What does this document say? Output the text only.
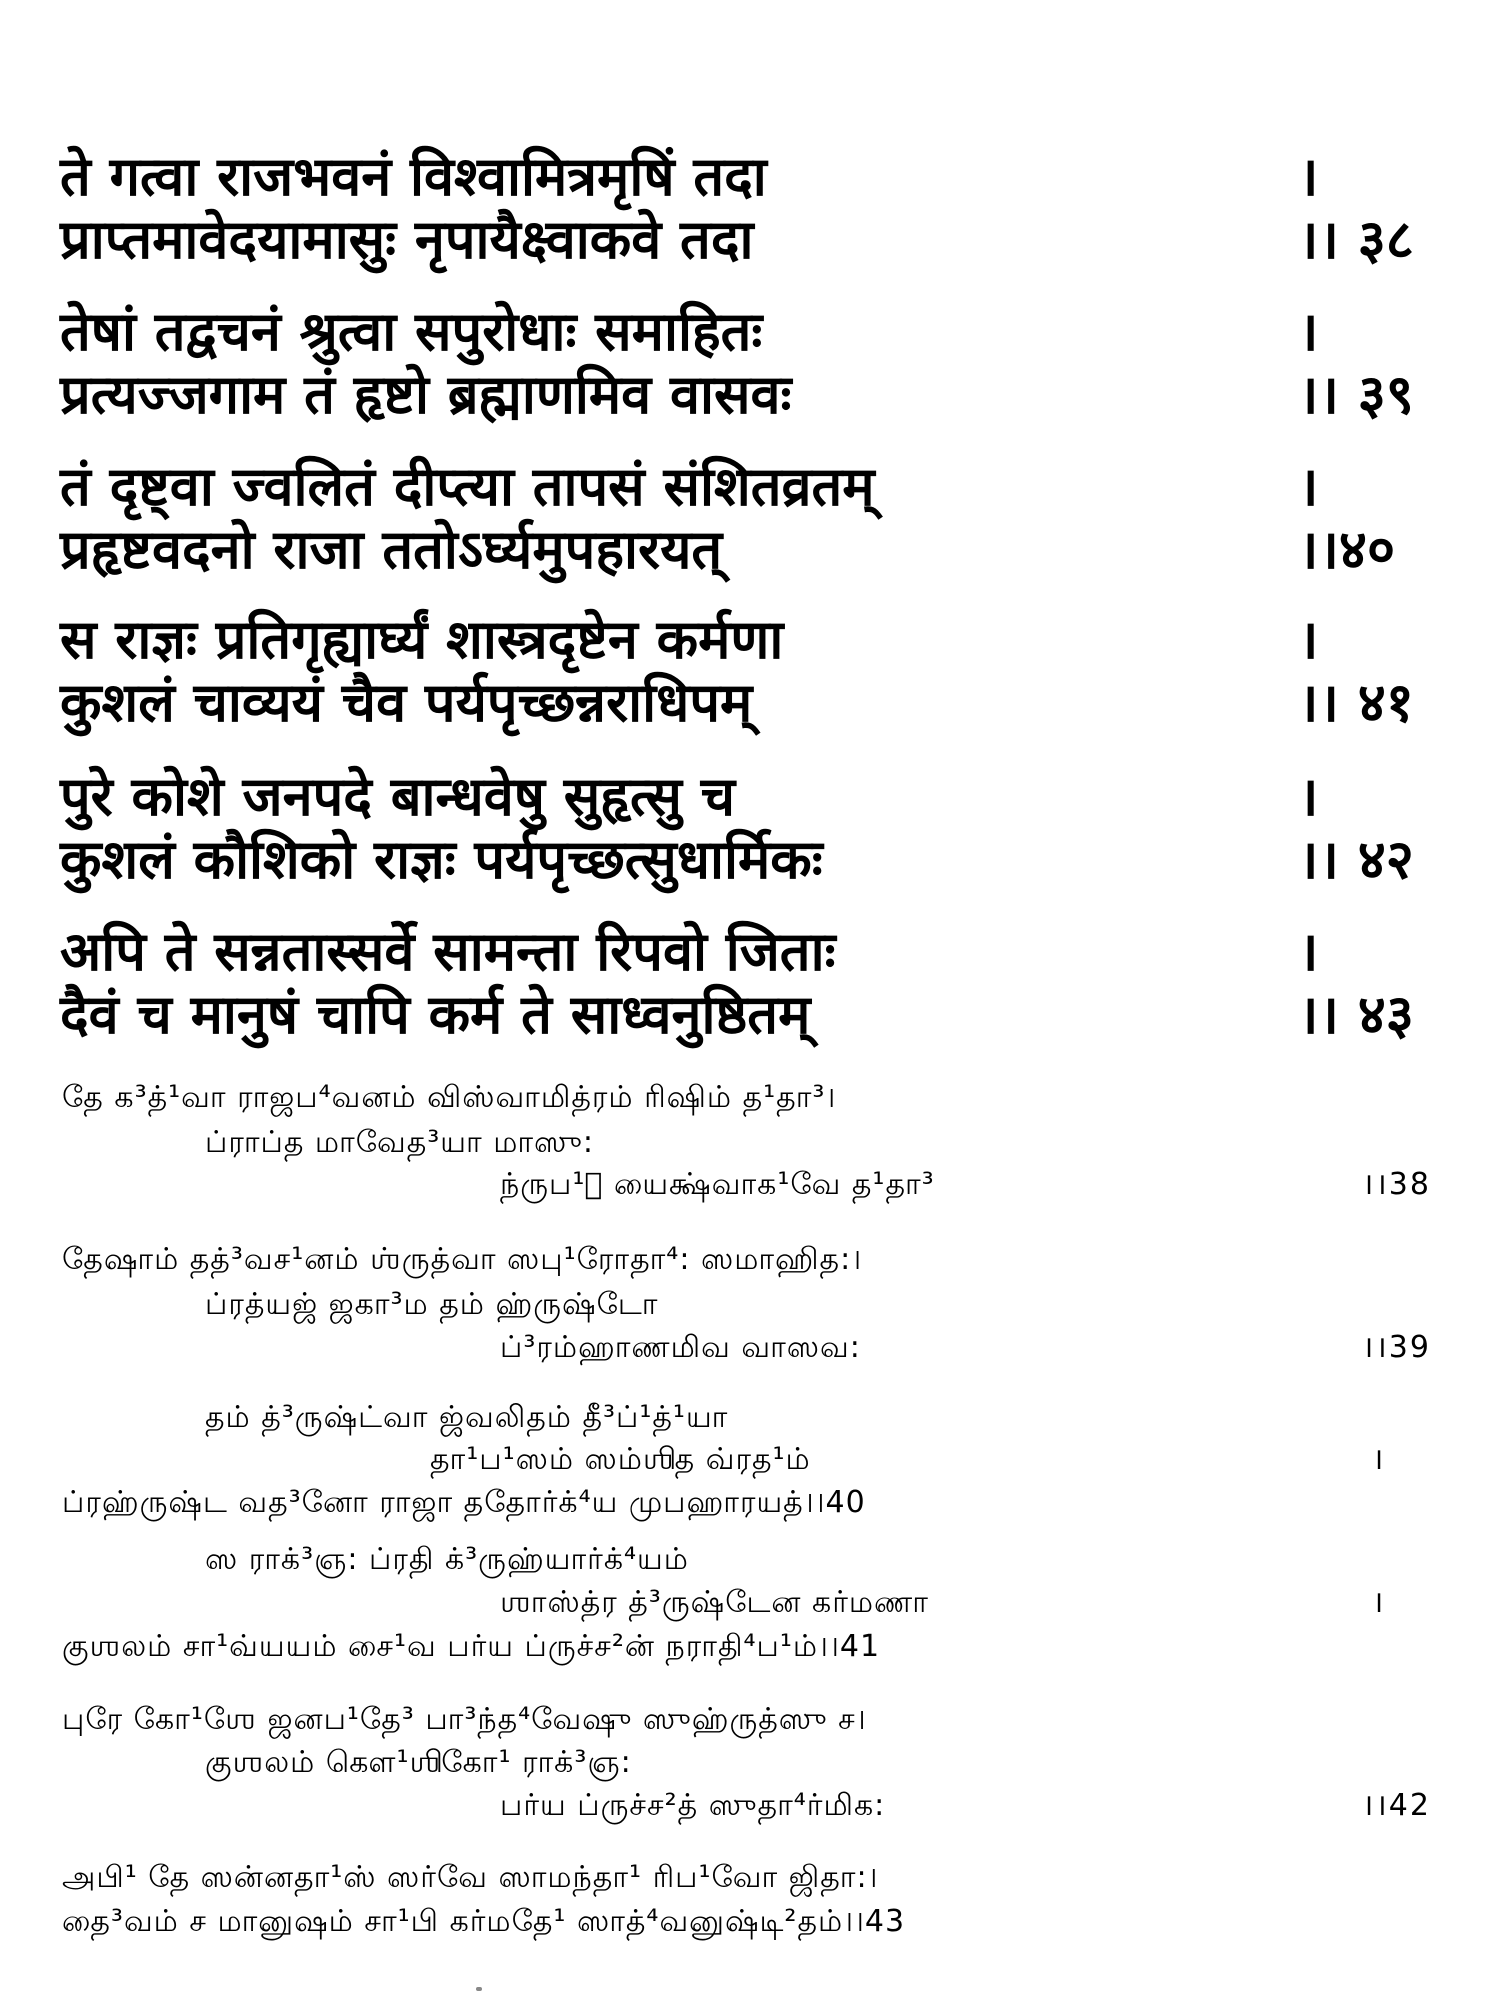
ते गत्वा राजभवनं विश्वामित्रमृषिं तदा	।
प्राप्तमावेदयामासुः नृपायैक्ष्वाकवे तदा	।। ३८
तेषां तद्वचनं श्रुत्वा सपुरोधाः समाहितः	।
प्रत्यज्जगाम तं हृष्टो ब्रह्माणमिव वासवः	।। ३९
तं दृष्ट्वा ज्वलितं दीप्त्या तापसं संशितव्रतम्	।
प्रहृष्टवदनो राजा ततोऽर्घ्यमुपहारयत्	।।४०
स राज्ञः प्रतिगृह्यार्घ्यं शास्त्रदृष्टेन कर्मणा	।
कुशलं चाव्ययं चैव पर्यपृच्छन्नराधिपम्	।। ४१
पुरे कोशे जनपदे बान्धवेषु सुहृत्सु च	।
कुशलं कौशिको राज्ञः पर्यपृच्छत्सुधार्मिकः	।। ४२
अपि ते सन्नतास्सर्वे सामन्ता रिपवो जिताः	।
दैवं च मानुषं चापि कर्म ते साध्वनुष्ठितम्	।। ४३
தே க³த்¹வா ராஜப⁴வனம் விஸ்வாமித்ரம் ரிஷிம் த¹தா³।
ப்ராப்த மாவேத³யா மாஸு:
ந்ருப¹ா யைக்ஷ்வாக¹வே த¹தா³	।।38
தேஷாம் தத்³வச¹னம் ஶ்ருத்வா ஸபு¹ரோதா⁴: ஸமாஹித:।
ப்ரத்யஜ் ஜகா³ம தம் ஹ்ருஷ்டோ
ப்³ரம்ஹாணமிவ வாஸவ:	।।39
தம் த்³ருஷ்ட்வா ஜ்வலிதம் தீ³ப்¹த்¹யா
தா¹ப¹ஸம் ஸம்ஶித வ்ரத¹ம்	।
ப்ரஹ்ருஷ்ட வத³னோ ராஜா ததோர்க்⁴ய முபஹாரயத்।।40
ஸ ராக்³ஞ: ப்ரதி க்³ருஹ்யார்க்⁴யம்
ஶாஸ்த்ர த்³ருஷ்டேன கர்மணா	।
குஶலம் சா¹வ்யயம் சை¹வ பர்ய ப்ருச்ச²ன் நராதி⁴ப¹ம்।।41
புரே கோ¹ஶே ஜனப¹தே³ பா³ந்த⁴வேஷு ஸுஹ்ருத்ஸு ச।
குஶலம் கௌ¹ஶிகோ¹ ராக்³ஞ:
பர்ய ப்ருச்ச²த் ஸுதா⁴ர்மிக:	।।42
அபி¹ தே ஸன்னதா¹ஸ் ஸர்வே ஸாமந்தா¹ ரிப¹வோ ஜிதா:।
தை³வம் ச மானுஷம் சா¹பி கர்மதே¹ ஸாத்⁴வனுஷ்டி²தம்।।43
